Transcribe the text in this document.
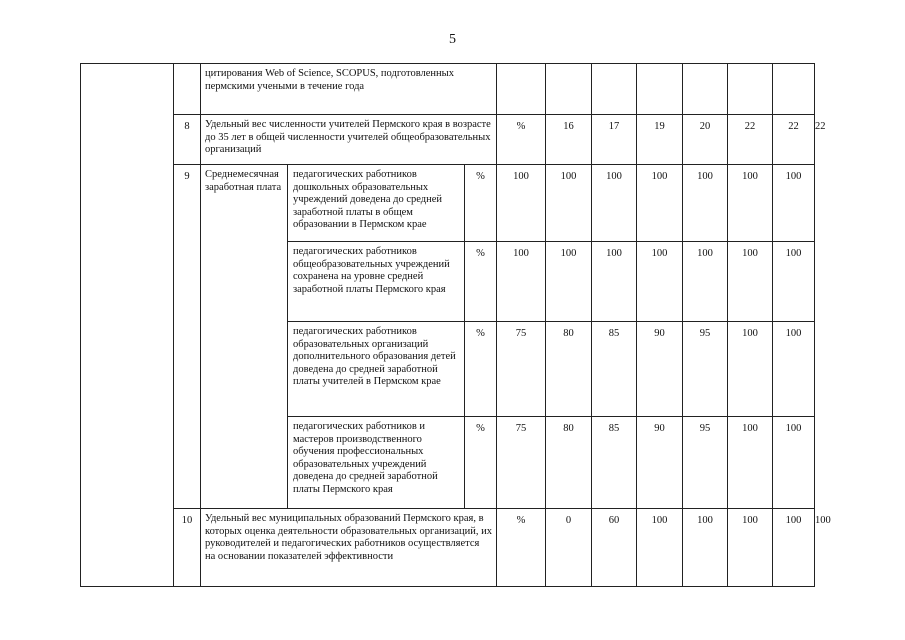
5
		цитирования Web of Science, SCOPUS, подготовленных пермскими учеными в течение года										
	8	Удельный вес численности учителей Пермского края в возрасте до 35 лет в общей численности учителей общеобразовательных организаций			%	16	17	19	20	22	22	22
	9	Среднемесячная заработная плата	педагогических работников дошкольных образовательных учреждений доведена до средней заработной платы в общем образовании в Пермском крае	%	100	100	100	100	100	100	100	
			педагогических работников общеобразовательных учреждений сохранена на уровне средней заработной платы Пермского края	%	100	100	100	100	100	100	100	
			педагогических работников образовательных организаций дополнительного образования детей доведена до средней заработной платы учителей в Пермском крае	%	75	80	85	90	95	100	100	
			педагогических работников и мастеров производственного обучения профессиональных образовательных учреждений доведена до средней заработной платы Пермского края	%	75	80	85	90	95	100	100	
	10	Удельный вес муниципальных образований Пермского края, в которых оценка деятельности образовательных организаций, их руководителей и педагогических работников осуществляется на основании показателей эффективности			%	0	60	100	100	100	100	100
